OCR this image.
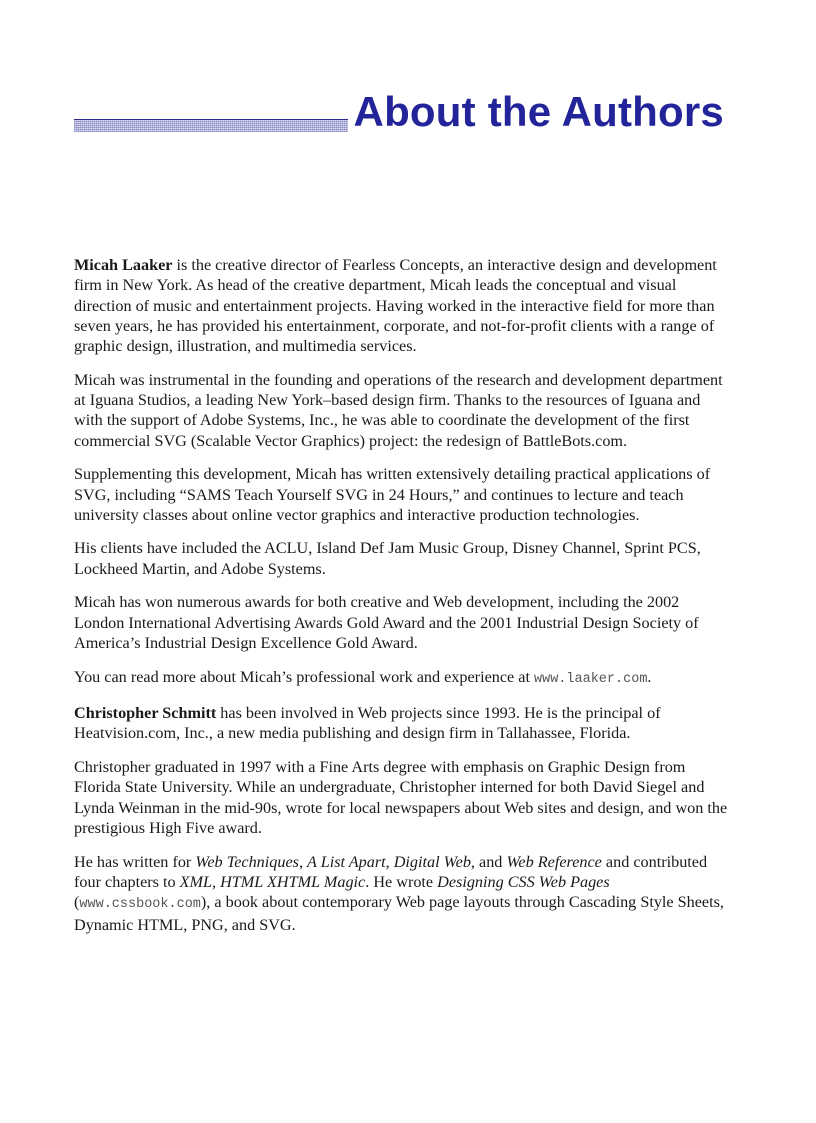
About the Authors

Micah Laaker is the creative director of Fearless Concepts, an interactive design and development firm in New York. As head of the creative department, Micah leads the conceptual and visual direction of music and entertainment projects. Having worked in the interactive field for more than seven years, he has provided his entertainment, corporate, and not-for-profit clients with a range of graphic design, illustration, and multimedia services.

Micah was instrumental in the founding and operations of the research and development department at Iguana Studios, a leading New York–based design firm. Thanks to the resources of Iguana and with the support of Adobe Systems, Inc., he was able to coordinate the development of the first commercial SVG (Scalable Vector Graphics) project: the redesign of BattleBots.com.

Supplementing this development, Micah has written extensively detailing practical applications of SVG, including “SAMS Teach Yourself SVG in 24 Hours,” and continues to lecture and teach university classes about online vector graphics and interactive production technologies.

His clients have included the ACLU, Island Def Jam Music Group, Disney Channel, Sprint PCS, Lockheed Martin, and Adobe Systems.

Micah has won numerous awards for both creative and Web development, including the 2002 London International Advertising Awards Gold Award and the 2001 Industrial Design Society of America’s Industrial Design Excellence Gold Award.

You can read more about Micah’s professional work and experience at www.laaker.com.

Christopher Schmitt has been involved in Web projects since 1993. He is the principal of Heatvision.com, Inc., a new media publishing and design firm in Tallahassee, Florida.

Christopher graduated in 1997 with a Fine Arts degree with emphasis on Graphic Design from Florida State University. While an undergraduate, Christopher interned for both David Siegel and Lynda Weinman in the mid-90s, wrote for local newspapers about Web sites and design, and won the prestigious High Five award.

He has written for Web Techniques, A List Apart, Digital Web, and Web Reference and contributed four chapters to XML, HTML XHTML Magic. He wrote Designing CSS Web Pages (www.cssbook.com), a book about contemporary Web page layouts through Cascading Style Sheets, Dynamic HTML, PNG, and SVG.
